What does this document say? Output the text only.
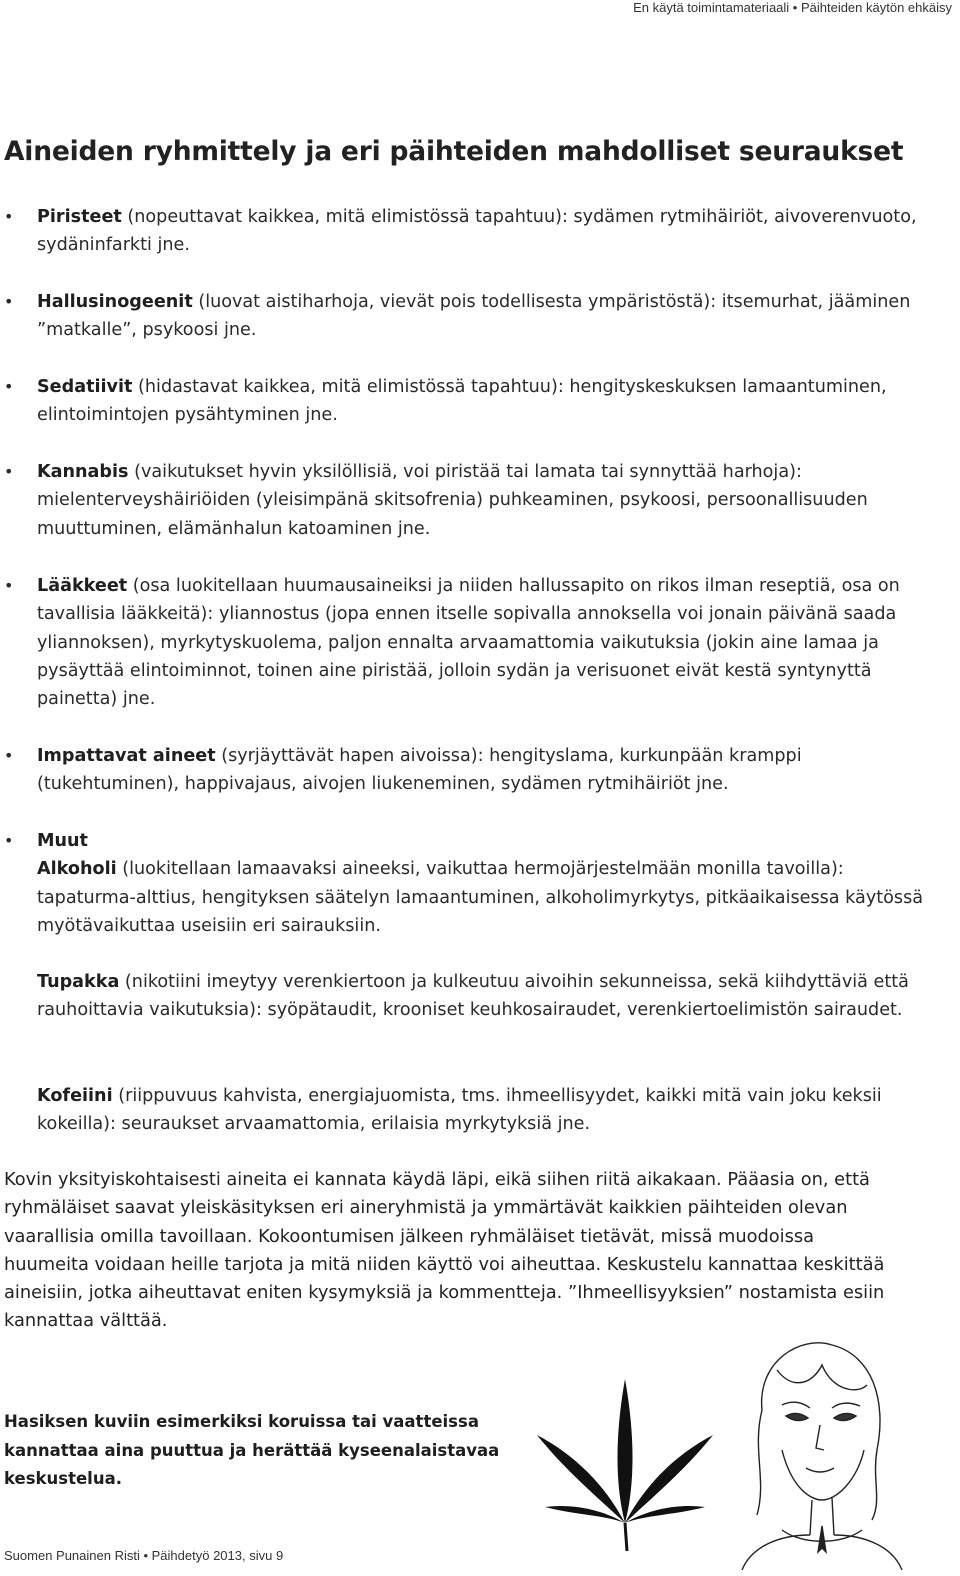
En käytä toimintamateriaali • Päihteiden käytön ehkäisy
Aineiden ryhmittely ja eri päihteiden mahdolliset seuraukset
• Piristeet (nopeuttavat kaikkea, mitä elimistössä tapahtuu): sydämen rytmihäiriöt, aivoverenvuoto, sydäninfarkti jne.
• Hallusinogeenit (luovat aistiharhoja, vievät pois todellisesta ympäristöstä): itsemurhat, jääminen ”matkalle”, psykoosi jne.
• Sedatiivit (hidastavat kaikkea, mitä elimistössä tapahtuu): hengityskeskuksen lamaantuminen, elintoimintojen pysähtyminen jne.
• Kannabis (vaikutukset hyvin yksilöllisiä, voi piristää tai lamata tai synnyttää harhoja): mielenterveyshäiriöiden (yleisimpänä skitsofrenia) puhkeaminen, psykoosi, persoonallisuuden muuttuminen, elämänhalun katoaminen jne.
• Lääkkeet (osa luokitellaan huumausaineiksi ja niiden hallussapito on rikos ilman reseptiä, osa on tavallisia lääkkeitä): yliannostus (jopa ennen itselle sopivalla annoksella voi jonain päivänä saada yliannoksen), myrkytyskuolema, paljon ennalta arvaamattomia vaikutuksia (jokin aine lamaa ja pysäyttää elintoiminnot, toinen aine piristää, jolloin sydän ja verisuonet eivät kestä syntynyttä painetta) jne.
• Impattavat aineet (syrjäyttävät hapen aivoissa): hengityslama, kurkunpään kramppi (tukehtuminen), happivajaus, aivojen liukeneminen, sydämen rytmihäiriöt jne.
• Muut
Alkoholi (luokitellaan lamaavaksi aineeksi, vaikuttaa hermojärjestelmään monilla tavoilla): tapaturma-alttius, hengityksen säätelyn lamaantuminen, alkoholimyrkytys, pitkäaikaisessa käytössä myötävaikuttaa useisiin eri sairauksiin.
Tupakka (nikotiini imeytyy verenkiertoon ja kulkeutuu aivoihin sekunneissa, sekä kiihdyttäviä että rauhoittavia vaikutuksia): syöpätaudit, krooniset keuhkosairaudet, verenkiertoelimistön sairaudet.
Kofeiini (riippuvuus kahvista, energiajuomista, tms. ihmeellisyydet, kaikki mitä vain joku keksii kokeilla): seuraukset arvaamattomia, erilaisia myrkytyksiä jne.

Kovin yksityiskohtaisesti aineita ei kannata käydä läpi, eikä siihen riitä aikakaan. Pääasia on, että ryhmäläiset saavat yleiskäsityksen eri aineryhmistä ja ymmärtävät kaikkien päihteiden olevan vaarallisia omilla tavoillaan. Kokoontumisen jälkeen ryhmäläiset tietävät, missä muodoissa huumeita voidaan heille tarjota ja mitä niiden käyttö voi aiheuttaa. Keskustelu kannattaa keskittää aineisiin, jotka aiheuttavat eniten kysymyksiä ja kommentteja. ”Ihmeellisyyksien” nostamista esiin kannattaa välttää.

Hasiksen kuviin esimerkiksi koruissa tai vaatteissa kannattaa aina puuttua ja herättää kyseenalaistavaa keskustelua.
Suomen Punainen Risti • Päihdetyö 2013, sivu 9
